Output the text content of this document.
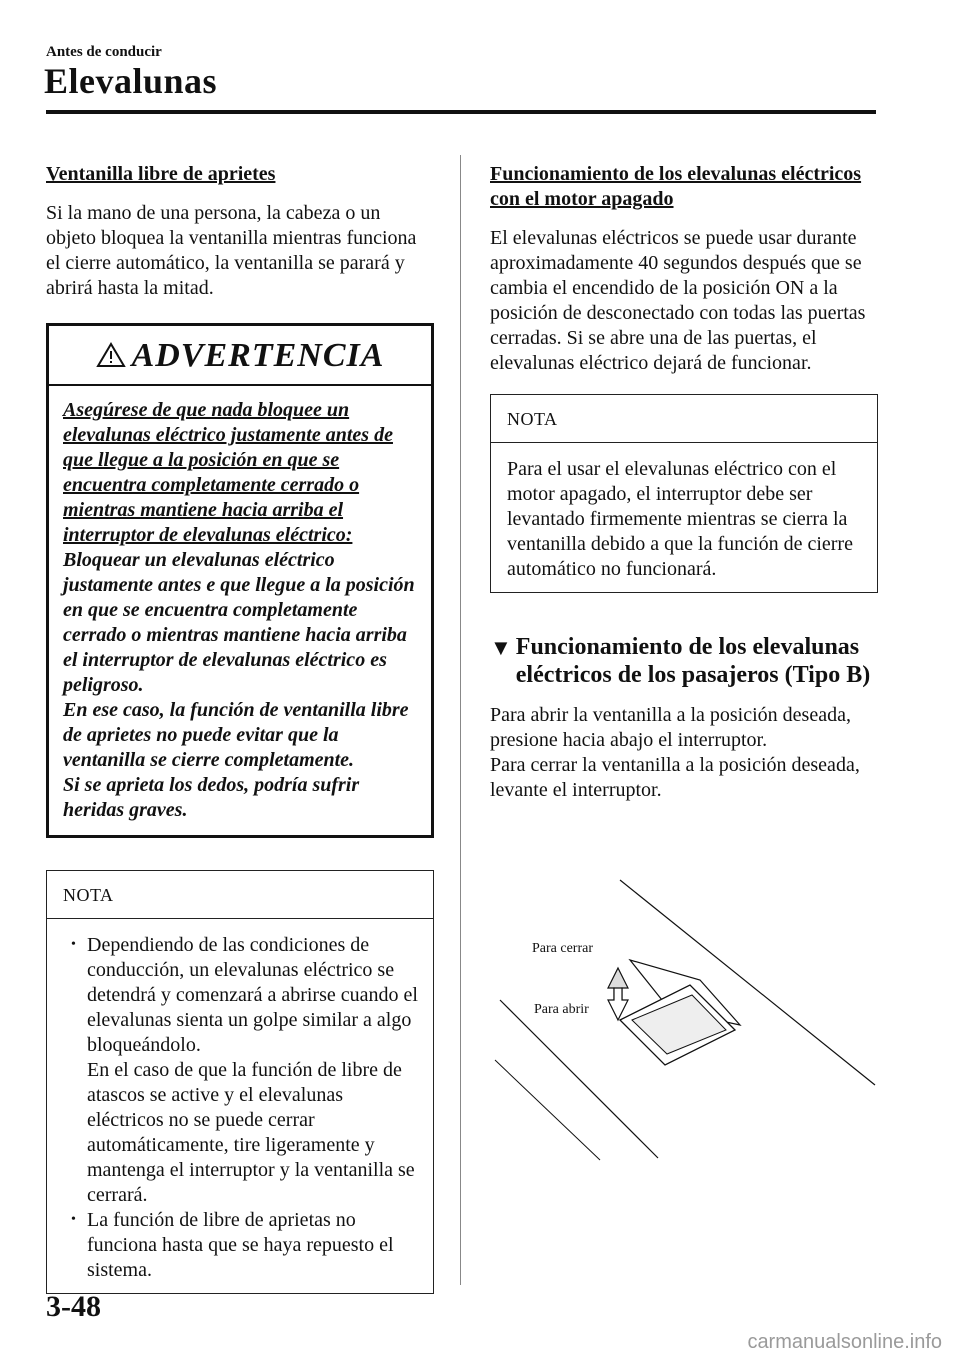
Antes de conducir
Elevalunas
Ventanilla libre de aprietes

Si la mano de una persona, la cabeza o un objeto bloquea la ventanilla mientras funciona el cierre automático, la ventanilla se parará y abrirá hasta la mitad.

ADVERTENCIA

Asegúrese de que nada bloquee un elevalunas eléctrico justamente antes de que llegue a la posición en que se encuentra completamente cerrado o mientras mantiene hacia arriba el interruptor de elevalunas eléctrico:

Bloquear un elevalunas eléctrico justamente antes e que llegue a la posición en que se encuentra completamente cerrado o mientras mantiene hacia arriba el interruptor de elevalunas eléctrico es peligroso.

En ese caso, la función de ventanilla libre de aprietes no puede evitar que la ventanilla se cierre completamente.

Si se aprieta los dedos, podría sufrir heridas graves.

NOTA

• Dependiendo de las condiciones de conducción, un elevalunas eléctrico se detendrá y comenzará a abrirse cuando el elevalunas sienta un golpe similar a algo bloqueándolo.

En el caso de que la función de libre de atascos se active y el elevalunas eléctricos no se puede cerrar automáticamente, tire ligeramente y mantenga el interruptor y la ventanilla se cerrará.

• La función de libre de aprietas no funciona hasta que se haya repuesto el sistema.

Funcionamiento de los elevalunas eléctricos con el motor apagado

El elevalunas eléctricos se puede usar durante aproximadamente 40 segundos después que se cambia el encendido de la posición ON a la posición de desconectado con todas las puertas cerradas. Si se abre una de las puertas, el elevalunas eléctrico dejará de funcionar.

NOTA

Para el usar el elevalunas eléctrico con el motor apagado, el interruptor debe ser levantado firmemente mientras se cierra la ventanilla debido a que la función de cierre automático no funcionará.

▼ Funcionamiento de los elevalunas eléctricos de los pasajeros (Tipo B)

Para abrir la ventanilla a la posición deseada, presione hacia abajo el interruptor.

Para cerrar la ventanilla a la posición deseada, levante el interruptor.

Para cerrar
Para abrir
3-48
carmanualsonline.info
